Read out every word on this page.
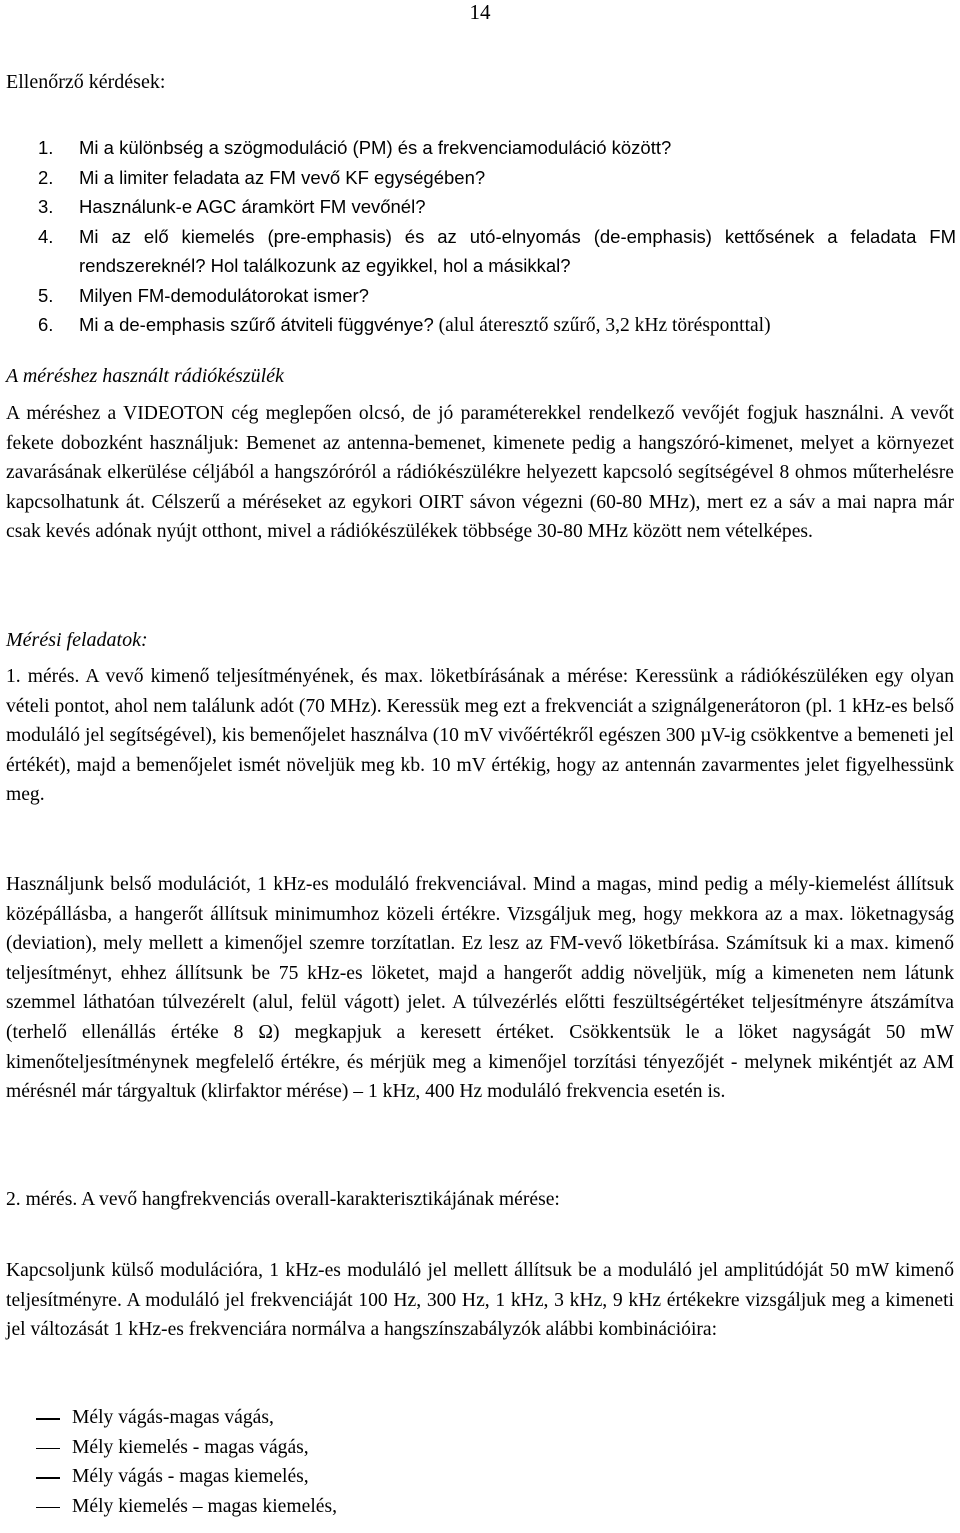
14
Ellenőrző kérdések:
1. Mi a különbség a szögmoduláció (PM) és a frekvenciamoduláció között?
2. Mi a limiter feladata az FM vevő KF egységében?
3. Használunk-e AGC áramkört FM vevőnél?
4. Mi az elő kiemelés (pre-emphasis) és az utó-elnyomás (de-emphasis) kettősének a feladata FM rendszereknél? Hol találkozunk az egyikkel, hol a másikkal?
5. Milyen FM-demodulátorokat ismer?
6. Mi a de-emphasis szűrő átviteli függvénye? (alul áteresztő szűrő, 3,2 kHz törésponttal)
A méréshez használt rádiókészülék
A méréshez a VIDEOTON cég meglepően olcsó, de jó paraméterekkel rendelkező vevőjét fogjuk használni. A vevőt fekete dobozként használjuk: Bemenet az antenna-bemenet, kimenete pedig a hangszóró-kimenet, melyet a környezet zavarásának elkerülése céljából a hangszóróról a rádiókészülékre helyezett kapcsoló segítségével 8 ohmos műterhelésre kapcsolhatunk át. Célszerű a méréseket az egykori OIRT sávon végezni (60-80 MHz), mert ez a sáv a mai napra már csak kevés adónak nyújt otthont, mivel a rádiókészülékek többsége 30-80 MHz között nem vételképes.
Mérési feladatok:
1. mérés. A vevő kimenő teljesítményének, és max. löketbírásának a mérése: Keressünk a rádiókészüléken egy olyan vételi pontot, ahol nem találunk adót (70 MHz). Keressük meg ezt a frekvenciát a szignálgenerátoron (pl. 1 kHz-es belső moduláló jel segítségével), kis bemenőjelet használva (10 mV vivőértékről egészen 300 µV-ig csökkentve a bemeneti jel értékét), majd a bemenőjelet ismét növeljük meg kb. 10 mV értékig, hogy az antennán zavarmentes jelet figyelhessünk meg.
Használjunk belső modulációt, 1 kHz-es moduláló frekvenciával. Mind a magas, mind pedig a mély-kiemelést állítsuk középállásba, a hangerőt állítsuk minimumhoz közeli értékre. Vizsgáljuk meg, hogy mekkora az a max. löketnagyság (deviation), mely mellett a kimenőjel szemre torzítatlan. Ez lesz az FM-vevő löketbírása. Számítsuk ki a max. kimenő teljesítményt, ehhez állítsunk be 75 kHz-es löketet, majd a hangerőt addig növeljük, míg a kimeneten nem látunk szemmel láthatóan túlvezérelt (alul, felül vágott) jelet. A túlvezérlés előtti feszültségértéket teljesítményre átszámítva (terhelő ellenállás értéke 8 Ω) megkapjuk a keresett értéket. Csökkentsük le a löket nagyságát 50 mW kimenőteljesítménynek megfelelő értékre, és mérjük meg a kimenőjel torzítási tényezőjét - melynek mikéntjét az AM mérésnél már tárgyaltuk (klirfaktor mérése) – 1 kHz, 400 Hz moduláló frekvencia esetén is.
2. mérés. A vevő hangfrekvenciás overall-karakterisztikájának mérése:
Kapcsoljunk külső modulációra, 1 kHz-es moduláló jel mellett állítsuk be a moduláló jel amplitúdóját 50 mW kimenő teljesítményre. A moduláló jel frekvenciáját 100 Hz, 300 Hz, 1 kHz, 3 kHz, 9 kHz értékekre vizsgáljuk meg a kimeneti jel változását 1 kHz-es frekvenciára normálva a hangszínszabályzók alábbi kombinációira:
Mély vágás-magas vágás,
Mély kiemelés - magas vágás,
Mély vágás - magas kiemelés,
Mély kiemelés – magas kiemelés,
